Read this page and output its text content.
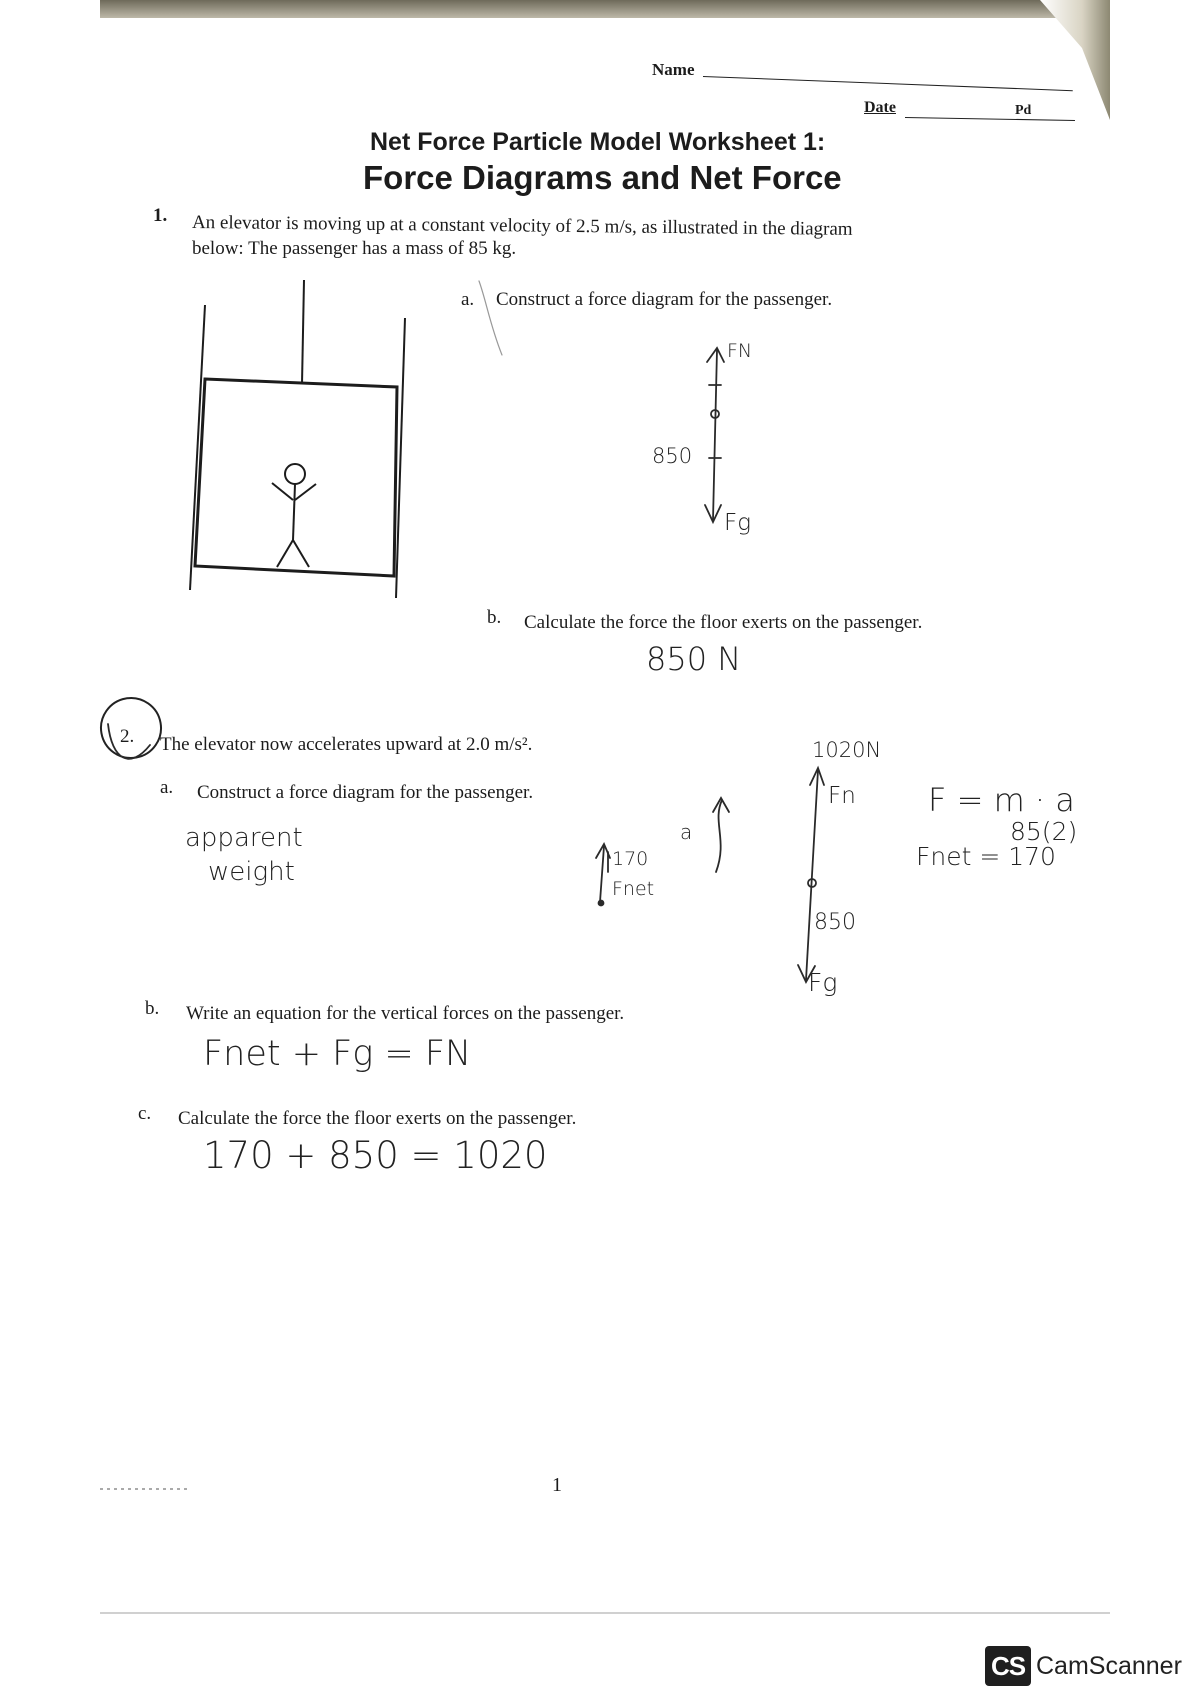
Name
Date	Pd
Net Force Particle Model Worksheet 1:
Force Diagrams and Net Force
1. An elevator is moving up at a constant velocity of 2.5 m/s, as illustrated in the diagram
below: The passenger has a mass of 85 kg.
a. Construct a force diagram for the passenger.
FN
850
Fg
b. Calculate the force the floor exerts on the passenger.
850 N
2. The elevator now accelerates upward at 2.0 m/s².
a. Construct a force diagram for the passenger.
apparent
weight	170
Fnet
a
1020N
Fn
850
Fg
F = m · a
85(2)
Fnet = 170
b. Write an equation for the vertical forces on the passenger.
Fnet + Fg = FN
c. Calculate the force the floor exerts on the passenger.
170 + 850 = 1020
1
CS CamScanner
